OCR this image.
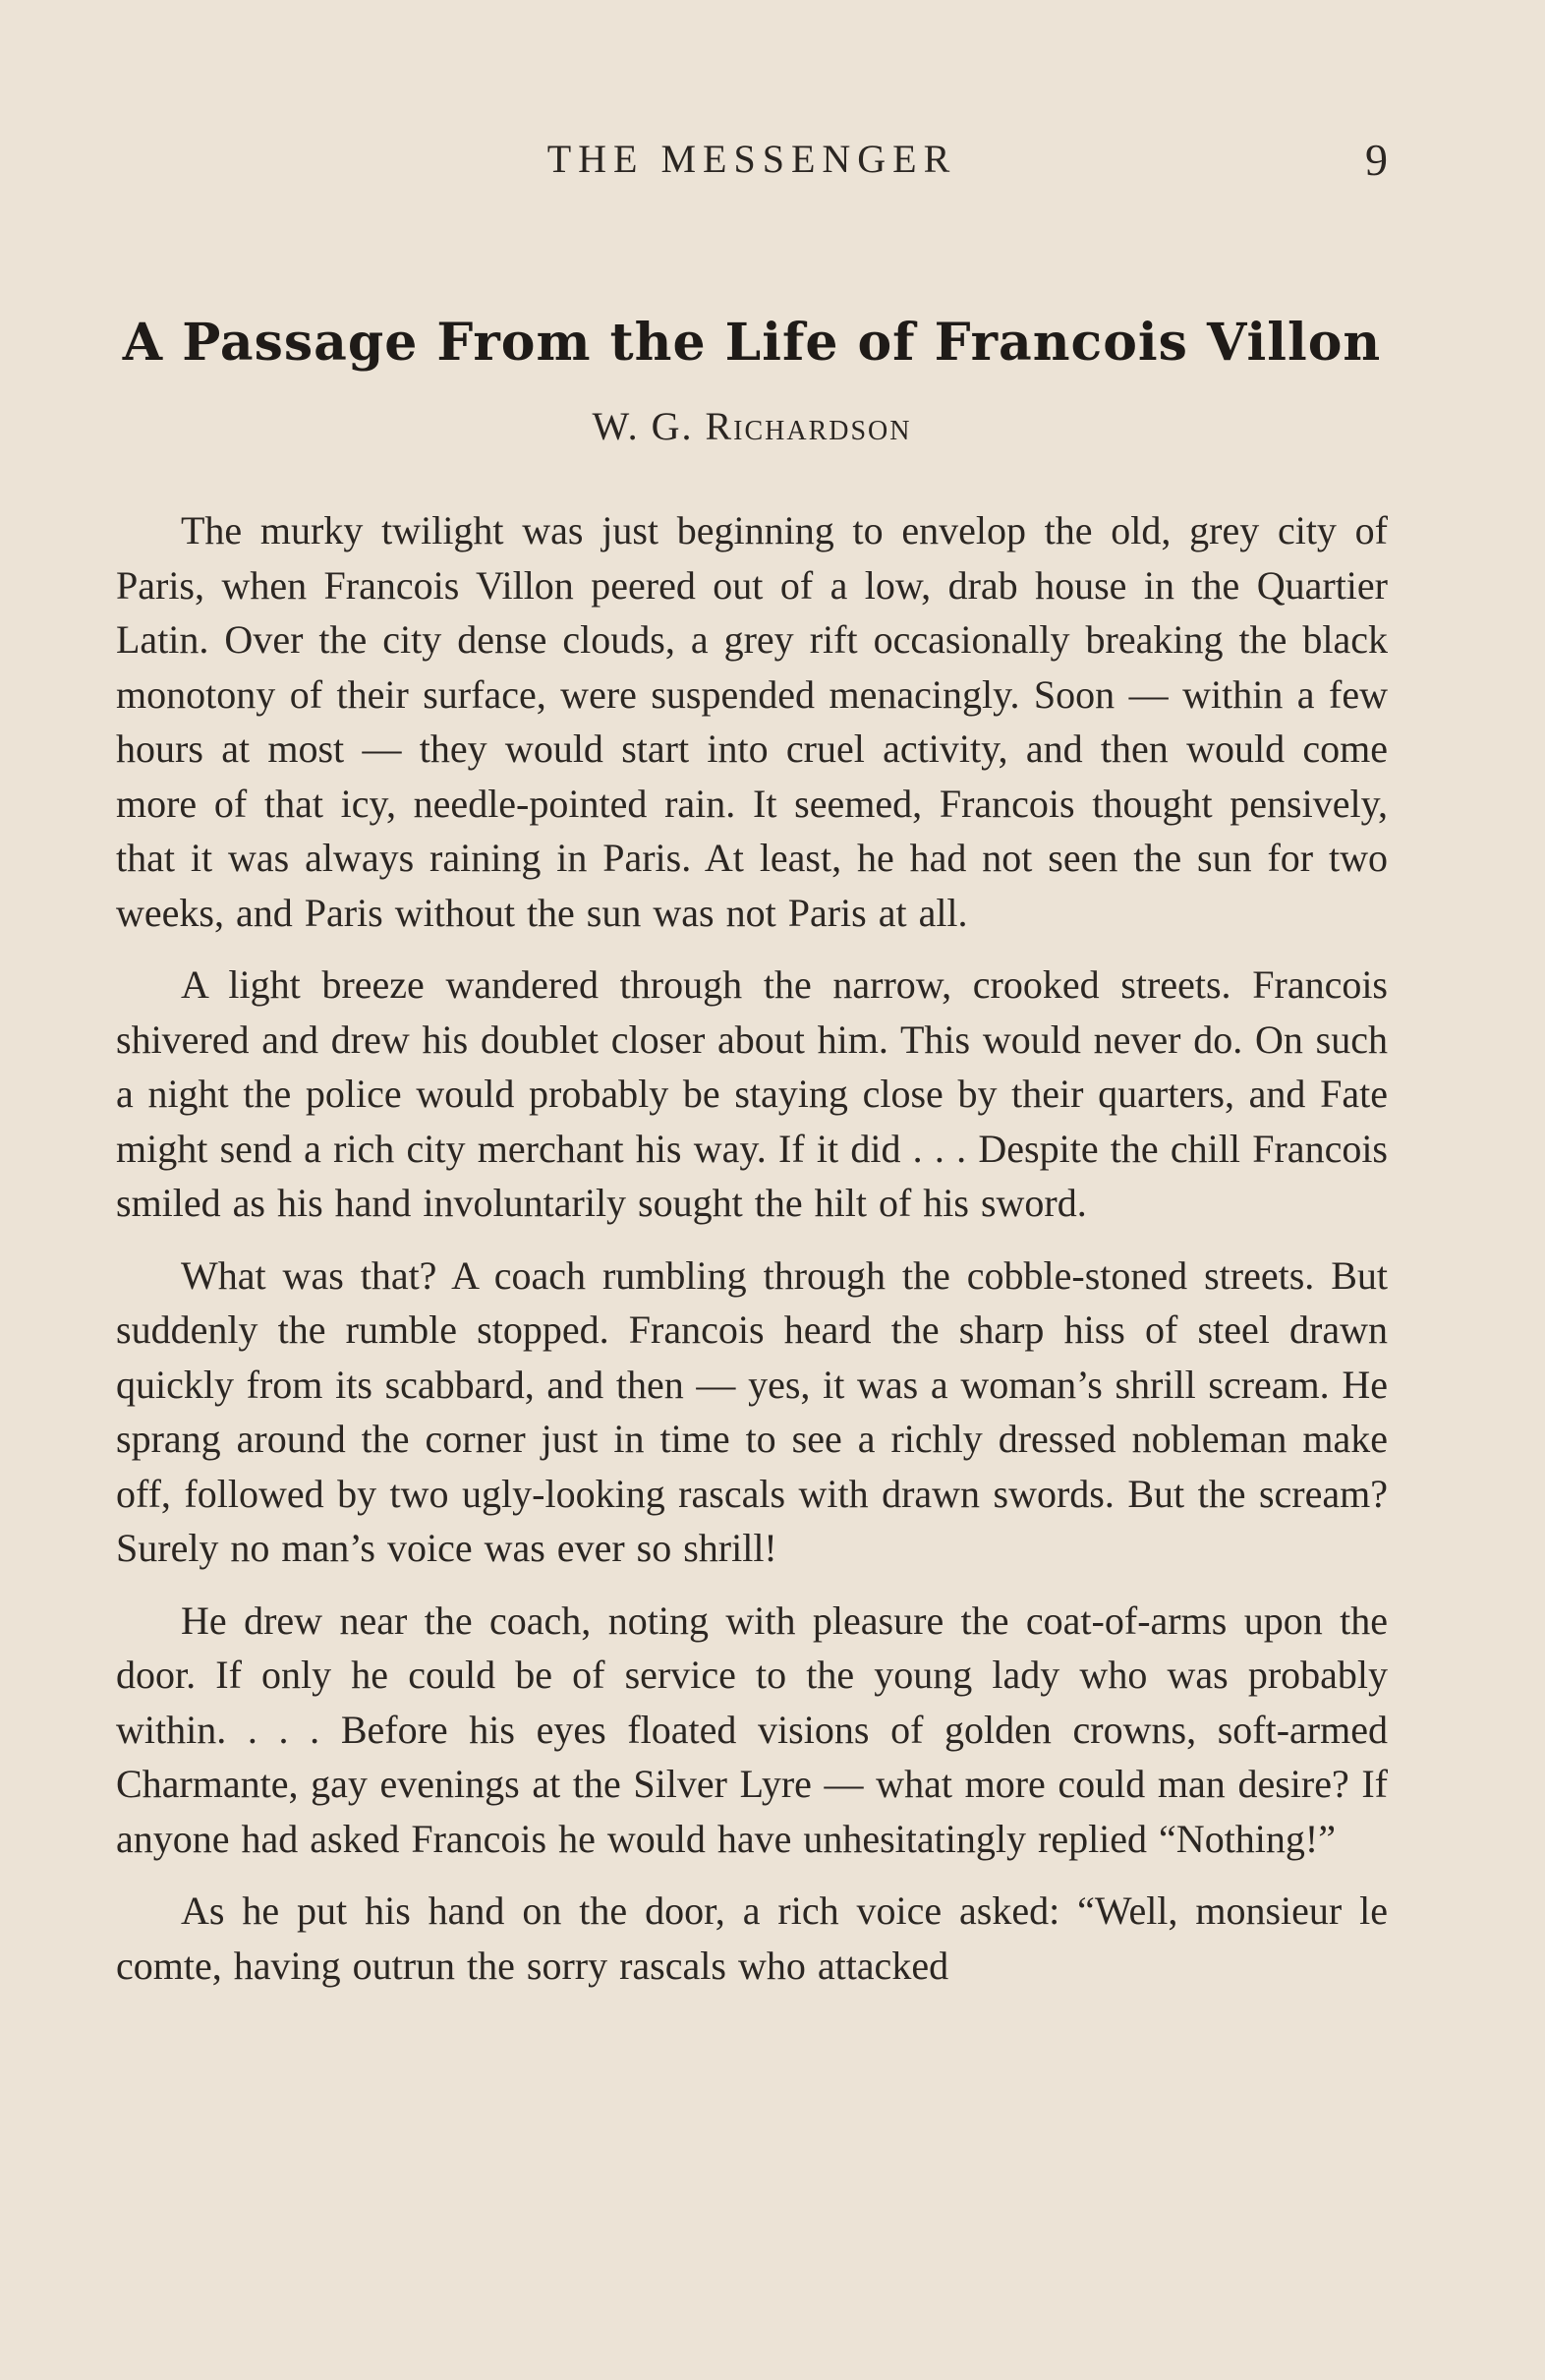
THE MESSENGER	9
A Passage From the Life of Francois Villon
W. G. Richardson

The murky twilight was just beginning to envelop the old, grey city of Paris, when Francois Villon peered out of a low, drab house in the Quartier Latin. Over the city dense clouds, a grey rift occasionally breaking the black monotony of their surface, were suspended menacingly. Soon — within a few hours at most — they would start into cruel activity, and then would come more of that icy, needle-pointed rain. It seemed, Francois thought pensively, that it was always raining in Paris. At least, he had not seen the sun for two weeks, and Paris without the sun was not Paris at all.

A light breeze wandered through the narrow, crooked streets. Francois shivered and drew his doublet closer about him. This would never do. On such a night the police would probably be staying close by their quarters, and Fate might send a rich city merchant his way. If it did . . . Despite the chill Francois smiled as his hand involuntarily sought the hilt of his sword.

What was that? A coach rumbling through the cobble-stoned streets. But suddenly the rumble stopped. Francois heard the sharp hiss of steel drawn quickly from its scabbard, and then — yes, it was a woman’s shrill scream. He sprang around the corner just in time to see a richly dressed nobleman make off, followed by two ugly-looking rascals with drawn swords. But the scream? Surely no man’s voice was ever so shrill!

He drew near the coach, noting with pleasure the coat-of-arms upon the door. If only he could be of service to the young lady who was probably within. . . . Before his eyes floated visions of golden crowns, soft-armed Charmante, gay evenings at the Silver Lyre — what more could man desire? If anyone had asked Francois he would have unhesitatingly replied “Nothing!”

As he put his hand on the door, a rich voice asked: “Well, monsieur le comte, having outrun the sorry rascals who attacked
